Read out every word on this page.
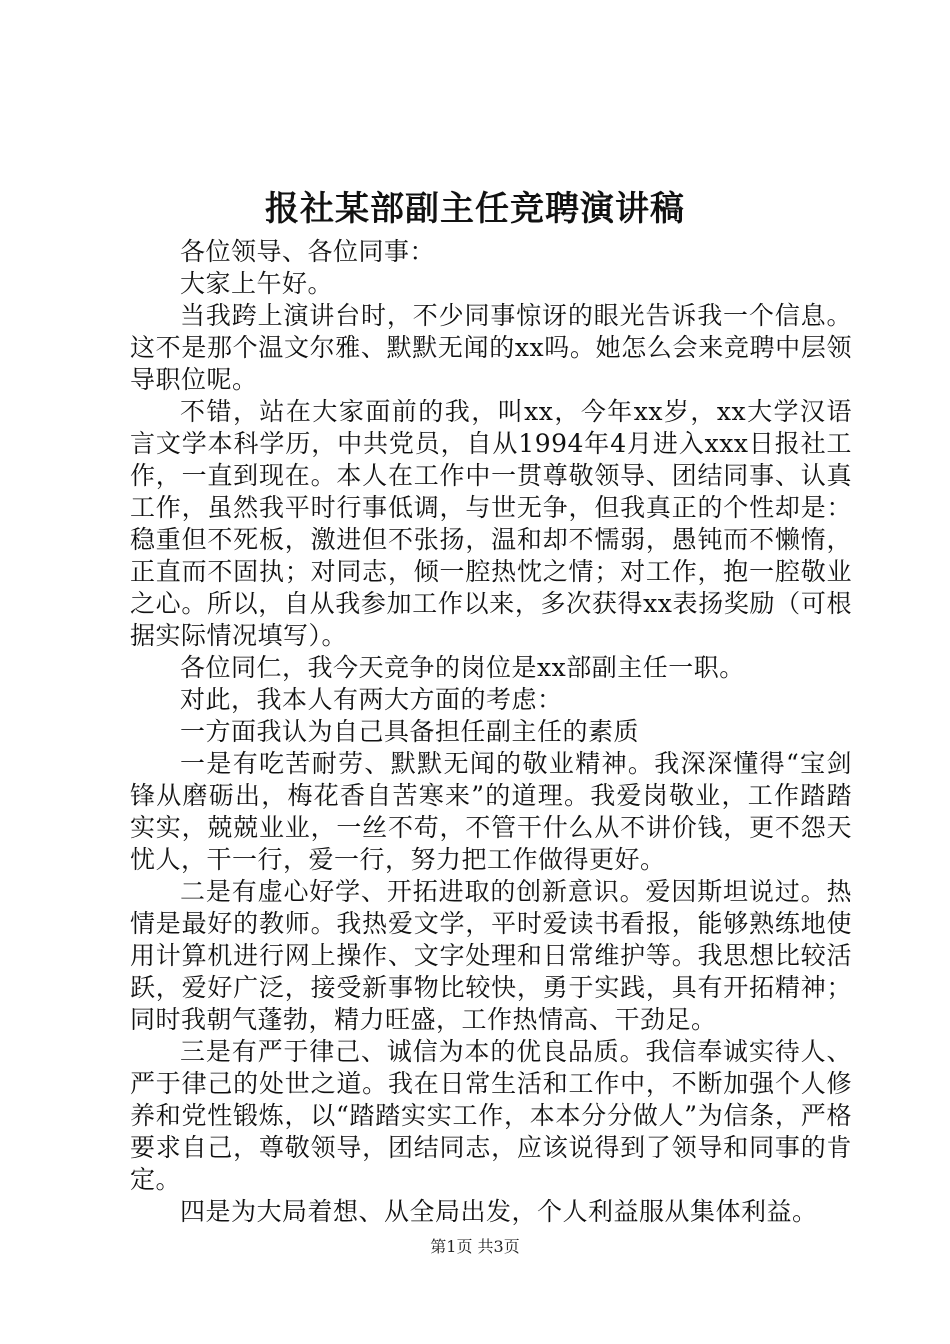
报社某部副主任竞聘演讲稿

各位领导、各位同事：

大家上午好。

当我跨上演讲台时，不少同事惊讶的眼光告诉我一个信息。这不是那个温文尔雅、默默无闻的xx吗。她怎么会来竞聘中层领导职位呢。

不错，站在大家面前的我，叫xx，今年xx岁，xx大学汉语言文学本科学历，中共党员，自从1994年4月进入xxx日报社工作，一直到现在。本人在工作中一贯尊敬领导、团结同事、认真工作，虽然我平时行事低调，与世无争，但我真正的个性却是：稳重但不死板，激进但不张扬，温和却不懦弱，愚钝而不懒惰，正直而不固执；对同志，倾一腔热忱之情；对工作，抱一腔敬业之心。所以，自从我参加工作以来，多次获得xx表扬奖励（可根据实际情况填写）。

各位同仁，我今天竞争的岗位是xx部副主任一职。

对此，我本人有两大方面的考虑：

一方面我认为自己具备担任副主任的素质

一是有吃苦耐劳、默默无闻的敬业精神。我深深懂得“宝剑锋从磨砺出，梅花香自苦寒来”的道理。我爱岗敬业，工作踏踏实实，兢兢业业，一丝不苟，不管干什么从不讲价钱，更不怨天忧人，干一行，爱一行，努力把工作做得更好。

二是有虚心好学、开拓进取的创新意识。爱因斯坦说过。热情是最好的教师。我热爱文学，平时爱读书看报，能够熟练地使用计算机进行网上操作、文字处理和日常维护等。我思想比较活跃，爱好广泛，接受新事物比较快，勇于实践，具有开拓精神；同时我朝气蓬勃，精力旺盛，工作热情高、干劲足。

三是有严于律己、诚信为本的优良品质。我信奉诚实待人、严于律己的处世之道。我在日常生活和工作中，不断加强个人修养和党性锻炼，以“踏踏实实工作，本本分分做人”为信条，严格要求自己，尊敬领导，团结同志，应该说得到了领导和同事的肯定。

四是为大局着想、从全局出发，个人利益服从集体利益。

第1页 共3页
